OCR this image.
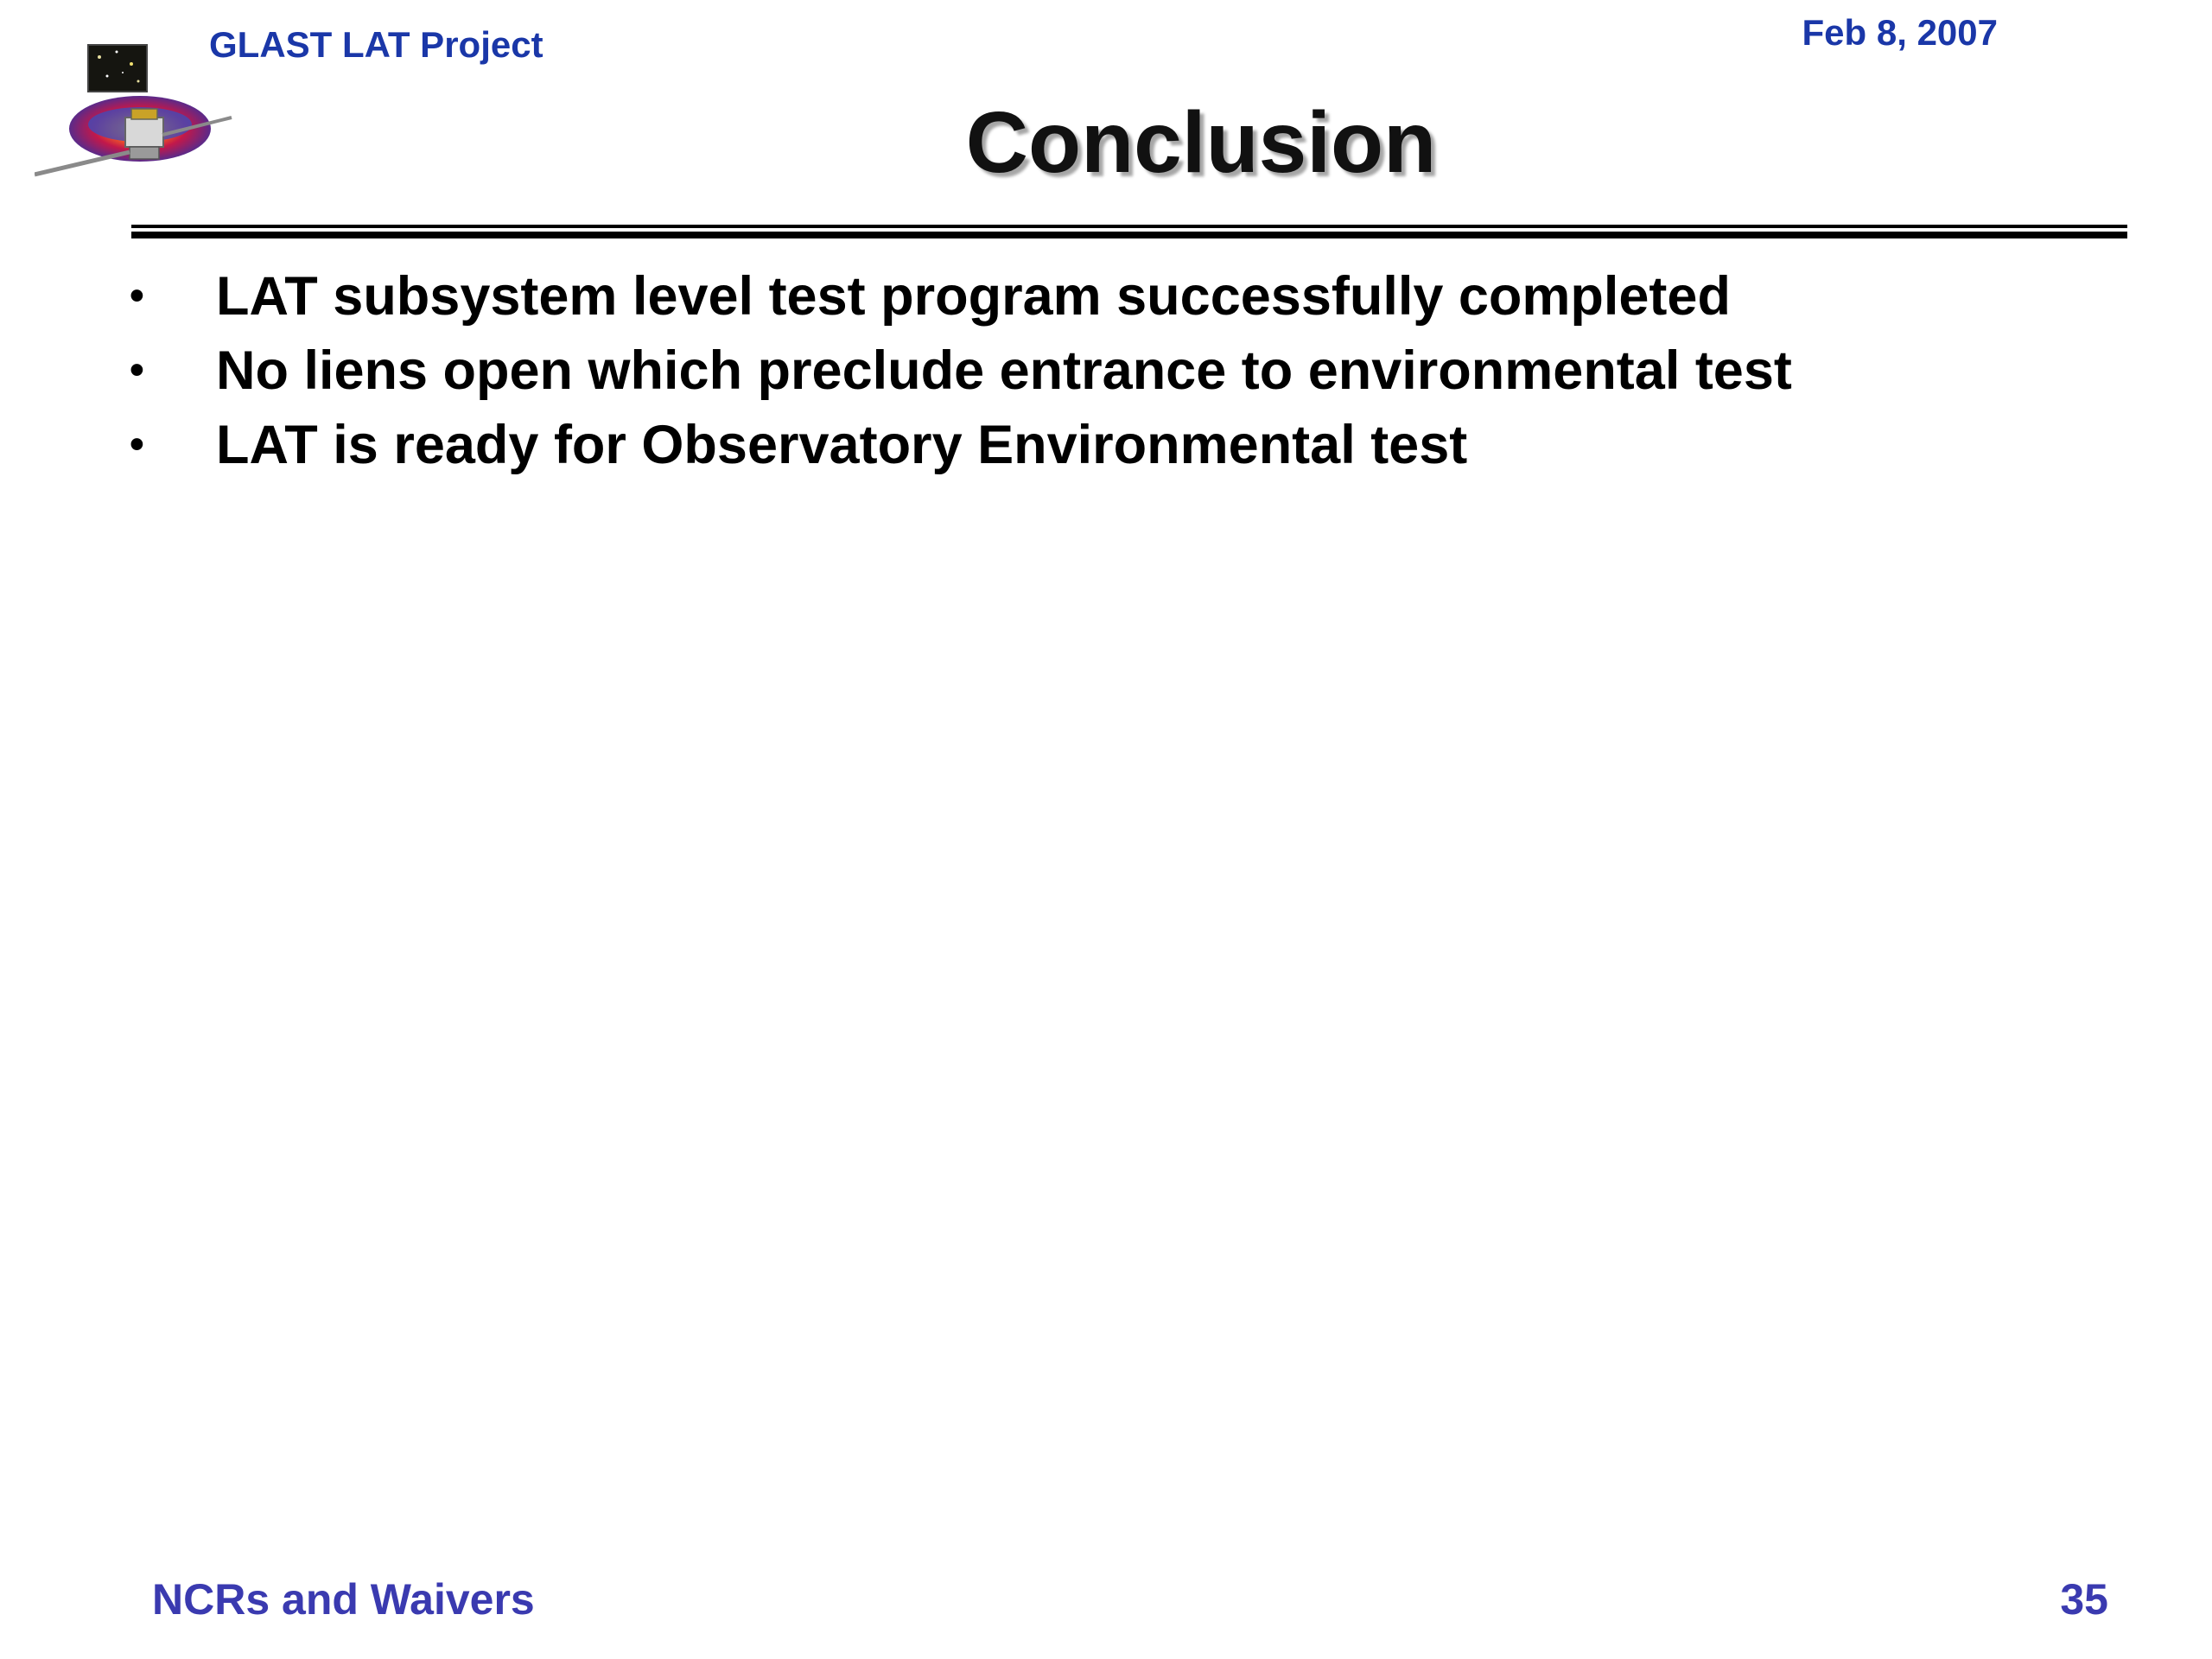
GLAST LAT Project	Feb 8, 2007
Conclusion
• LAT subsystem level test program successfully completed
• No liens open which preclude entrance to environmental test
• LAT is ready for Observatory Environmental test
NCRs and Waivers	35
